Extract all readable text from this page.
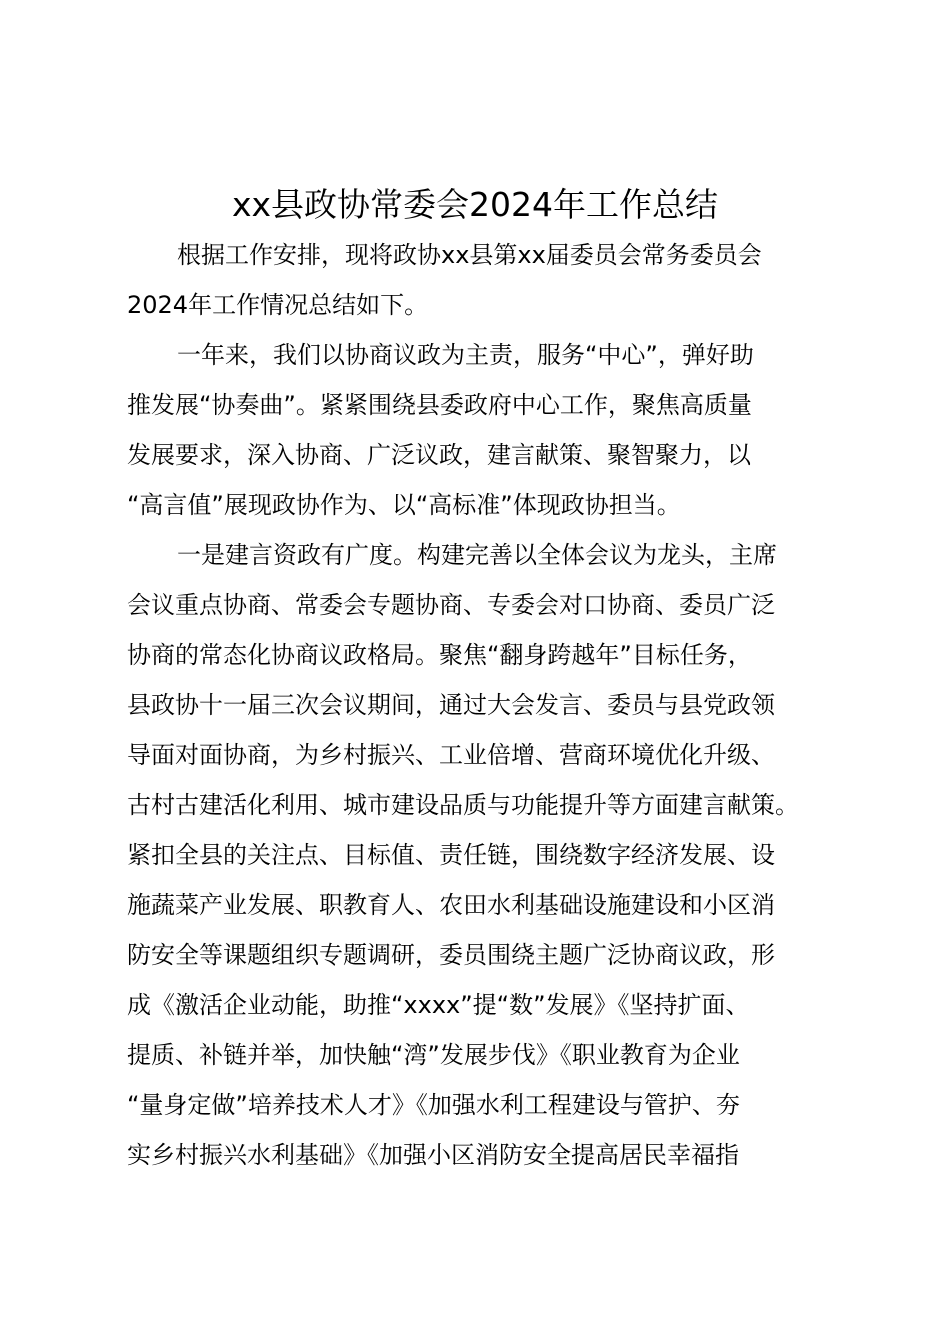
xx县政协常委会2024年工作总结
根据工作安排，现将政协xx县第xx届委员会常务委员会
2024年工作情况总结如下。
一年来，我们以协商议政为主责，服务“中心”，弹好助
推发展“协奏曲”。紧紧围绕县委政府中心工作，聚焦高质量
发展要求，深入协商、广泛议政，建言献策、聚智聚力，以
“高言值”展现政协作为、以“高标准”体现政协担当。
一是建言资政有广度。构建完善以全体会议为龙头，主席
会议重点协商、常委会专题协商、专委会对口协商、委员广泛
协商的常态化协商议政格局。聚焦“翻身跨越年”目标任务，
县政协十一届三次会议期间，通过大会发言、委员与县党政领
导面对面协商，为乡村振兴、工业倍增、营商环境优化升级、
古村古建活化利用、城市建设品质与功能提升等方面建言献策。
紧扣全县的关注点、目标值、责任链，围绕数字经济发展、设
施蔬菜产业发展、职教育人、农田水利基础设施建设和小区消
防安全等课题组织专题调研，委员围绕主题广泛协商议政，形
成《激活企业动能，助推“xxxx”提“数”发展》《坚持扩面、
提质、补链并举，加快触“湾”发展步伐》《职业教育为企业
“量身定做”培养技术人才》《加强水利工程建设与管护、夯
实乡村振兴水利基础》《加强小区消防安全提高居民幸福指
